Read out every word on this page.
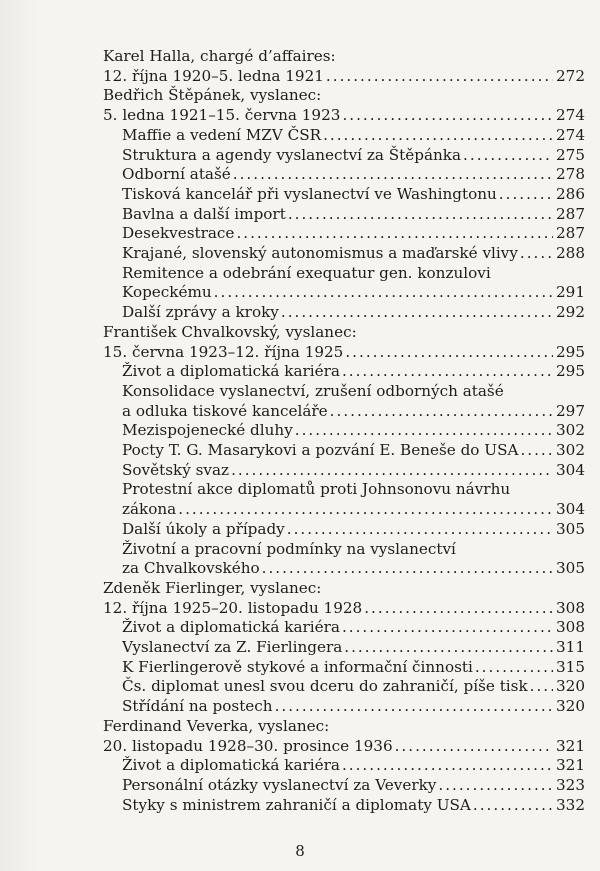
Karel Halla, chargé d’affaires:
12. října 1920–5. ledna 1921 .....	272
Bedřich Štěpánek, vyslanec:
5. ledna 1921–15. června 1923 .....	274
Maffie a vedení MZV ČSR .....	274
Struktura a agendy vyslanectví za Štěpánka .....	275
Odborní atašé .....	278
Tisková kancelář při vyslanectví ve Washingtonu .....	286
Bavlna a další import .....	287
Desekvestrace .....	287
Krajané, slovenský autonomismus a maďarské vlivy .....	288
Remitence a odebrání exequatur gen. konzulovi
Kopeckému .....	291
Další zprávy a kroky .....	292
František Chvalkovský, vyslanec:
15. června 1923–12. října 1925 .....	295
Život a diplomatická kariéra .....	295
Konsolidace vyslanectví, zrušení odborných atašé
a odluka tiskové kanceláře .....	297
Mezispojenecké dluhy .....	302
Pocty T. G. Masarykovi a pozvání E. Beneše do USA ..... 302
Sovětský svaz .....	304
Protestní akce diplomatů proti Johnsonovu návrhu
zákona .....	304
Další úkoly a případy .....	305
Životní a pracovní podmínky na vyslanectví
za Chvalkovského .....	305
Zdeněk Fierlinger, vyslanec:
12. října 1925–20. listopadu 1928 .....	308
Život a diplomatická kariéra .....	308
Vyslanectví za Z. Fierlingera .....	311
K Fierlingerově stykové a informační činnosti .....	315
Čs. diplomat unesl svou dceru do zahraničí, píše tisk ..... 320
Střídání na postech .....	320
Ferdinand Veverka, vyslanec:
20. listopadu 1928–30. prosince 1936 .....	321
Život a diplomatická kariéra .....	321
Personální otázky vyslanectví za Veverky .....	323
Styky s ministrem zahraničí a diplomaty USA .....	332
8
